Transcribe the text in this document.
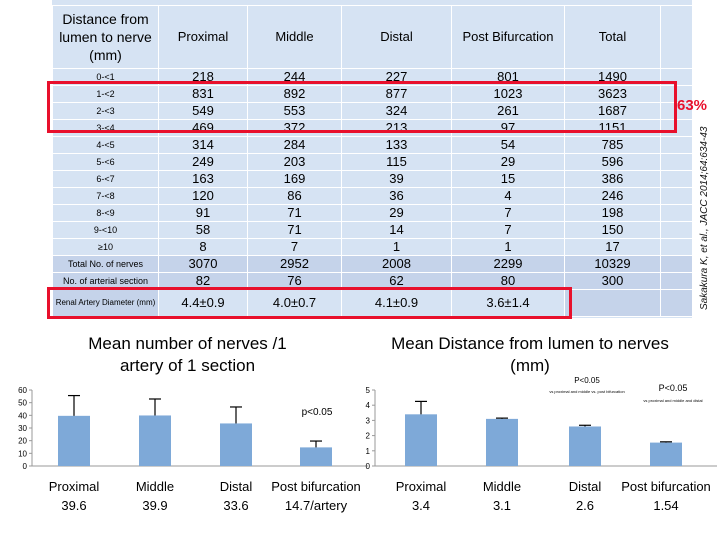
Distance from lumen to nerve (mm)	Proximal	Middle	Distal	Post Bifurcation	Total	
0-<1	218	244	227	801	1490	
1-<2	831	892	877	1023	3623	
2-<3	549	553	324	261	1687	
3-<4	469	372	213	97	1151	
4-<5	314	284	133	54	785	
5-<6	249	203	115	29	596	
6-<7	163	169	39	15	386	
7-<8	120	86	36	4	246	
8-<9	91	71	29	7	198	
9-<10	58	71	14	7	150	
≥10	8	7	1	1	17	
Total No. of nerves	3070	2952	2008	2299	10329	
No. of arterial section	82	76	62	80	300	
Renal Artery Diameter (mm)	4.4±0.9	4.0±0.7	4.1±0.9	3.6±1.4		
63%
Sakakura K, et al., JACC 2014;64:634-43
Mean number of nerves /1 artery of 1 section
Mean Distance from lumen to nerves (mm)
0
10
20
30
40
50
60
p<0.05
0
1
2
3
4
5
P<0.05
vs proximal and middle vs. post bifurcation	P<0.05
vs proximal and middle and distal
Proximal
39.6
Middle
39.9
Distal
33.6
Post bifurcation
14.7/artery
Proximal
3.4
Middle
3.1
Distal
2.6
Post bifurcation
1.54
